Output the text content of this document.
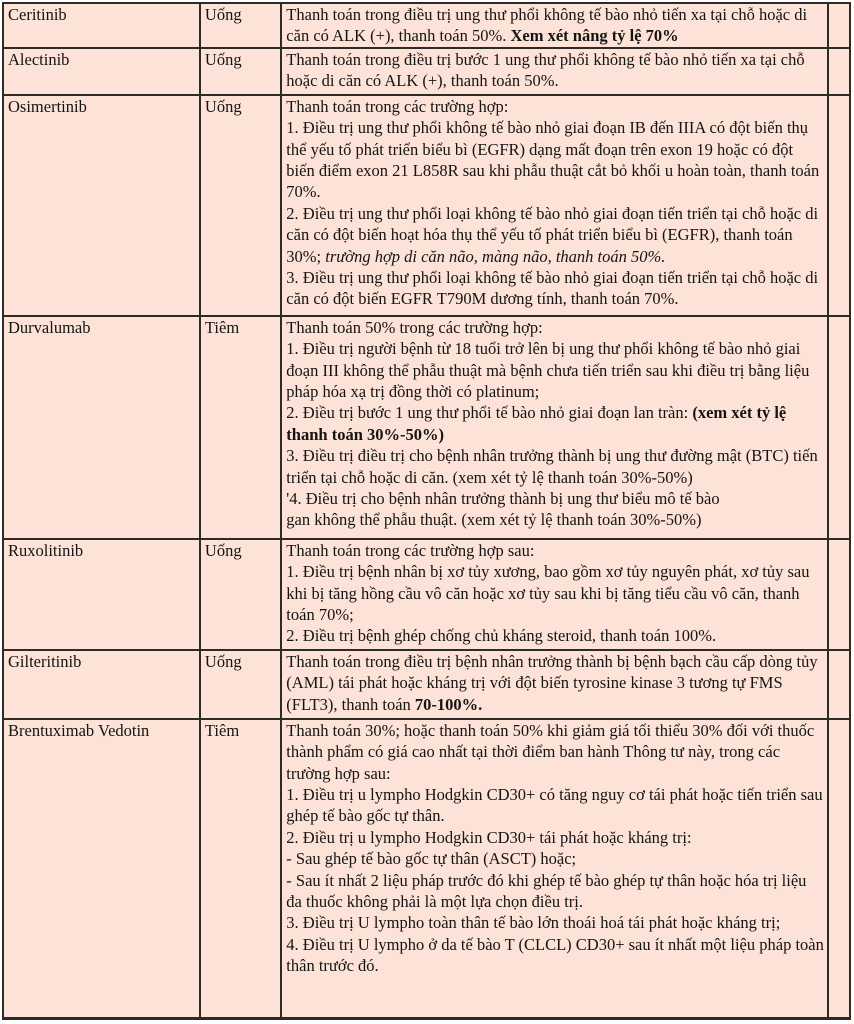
Ceritinib	Uống	Thanh toán trong điều trị ung thư phổi không tế bào nhỏ tiến xa tại chỗ hoặc di căn có ALK (+), thanh toán 50%. Xem xét nâng tỷ lệ 70%	
Alectinib	Uống	Thanh toán trong điều trị bước 1 ung thư phổi không tế bào nhỏ tiến xa tại chỗ hoặc di căn có ALK (+), thanh toán 50%.	
Osimertinib	Uống	Thanh toán trong các trường hợp:
1. Điều trị ung thư phổi không tế bào nhỏ giai đoạn IB đến IIIA có đột biến thụ thể yếu tố phát triển biểu bì (EGFR) dạng mất đoạn trên exon 19 hoặc có đột biến điểm exon 21 L858R sau khi phẫu thuật cắt bỏ khối u hoàn toàn, thanh toán 70%.
2. Điều trị ung thư phổi loại không tế bào nhỏ giai đoạn tiến triển tại chỗ hoặc di căn có đột biến hoạt hóa thụ thể yếu tố phát triển biểu bì (EGFR), thanh toán 30%; trường hợp di căn não, màng não, thanh toán 50%.
3. Điều trị ung thư phổi loại không tế bào nhỏ giai đoạn tiến triển tại chỗ hoặc di căn có đột biến EGFR T790M dương tính, thanh toán 70%.	
Durvalumab	Tiêm	Thanh toán 50% trong các trường hợp:
1. Điều trị người bệnh từ 18 tuổi trở lên bị ung thư phổi không tế bào nhỏ giai đoạn III không thể phẫu thuật mà bệnh chưa tiến triển sau khi điều trị bằng liệu pháp hóa xạ trị đồng thời có platinum;
2. Điều trị bước 1 ung thư phổi tế bào nhỏ giai đoạn lan tràn: (xem xét tỷ lệ thanh toán 30%-50%)
3. Điều trị điều trị cho bệnh nhân trưởng thành bị ung thư đường mật (BTC) tiến triển tại chỗ hoặc di căn. (xem xét tỷ lệ thanh toán 30%-50%)
'4. Điều trị cho bệnh nhân trưởng thành bị ung thư biểu mô tế bào
gan không thể phẫu thuật. (xem xét tỷ lệ thanh toán 30%-50%)	
Ruxolitinib	Uống	Thanh toán trong các trường hợp sau:
1. Điều trị bệnh nhân bị xơ tủy xương, bao gồm xơ tủy nguyên phát, xơ tủy sau khi bị tăng hồng cầu vô căn hoặc xơ tủy sau khi bị tăng tiểu cầu vô căn, thanh toán 70%;
2. Điều trị bệnh ghép chống chủ kháng steroid, thanh toán 100%.	
Gilteritinib	Uống	Thanh toán trong điều trị bệnh nhân trưởng thành bị bệnh bạch cầu cấp dòng tủy (AML) tái phát hoặc kháng trị với đột biến tyrosine kinase 3 tương tự FMS (FLT3), thanh toán 70-100%.	
Brentuximab Vedotin	Tiêm	Thanh toán 30%; hoặc thanh toán 50% khi giảm giá tối thiểu 30% đối với thuốc thành phẩm có giá cao nhất tại thời điểm ban hành Thông tư này, trong các trường hợp sau:
1. Điều trị u lympho Hodgkin CD30+ có tăng nguy cơ tái phát hoặc tiến triển sau ghép tế bào gốc tự thân.
2. Điều trị u lympho Hodgkin CD30+ tái phát hoặc kháng trị:
- Sau ghép tế bào gốc tự thân (ASCT) hoặc;
- Sau ít nhất 2 liệu pháp trước đó khi ghép tế bào ghép tự thân hoặc hóa trị liệu đa thuốc không phải là một lựa chọn điều trị.
3. Điều trị U lympho toàn thân tế bào lớn thoái hoá tái phát hoặc kháng trị;
4. Điều trị U lympho ở da tế bào T (CLCL) CD30+ sau ít nhất một liệu pháp toàn thân trước đó.	
